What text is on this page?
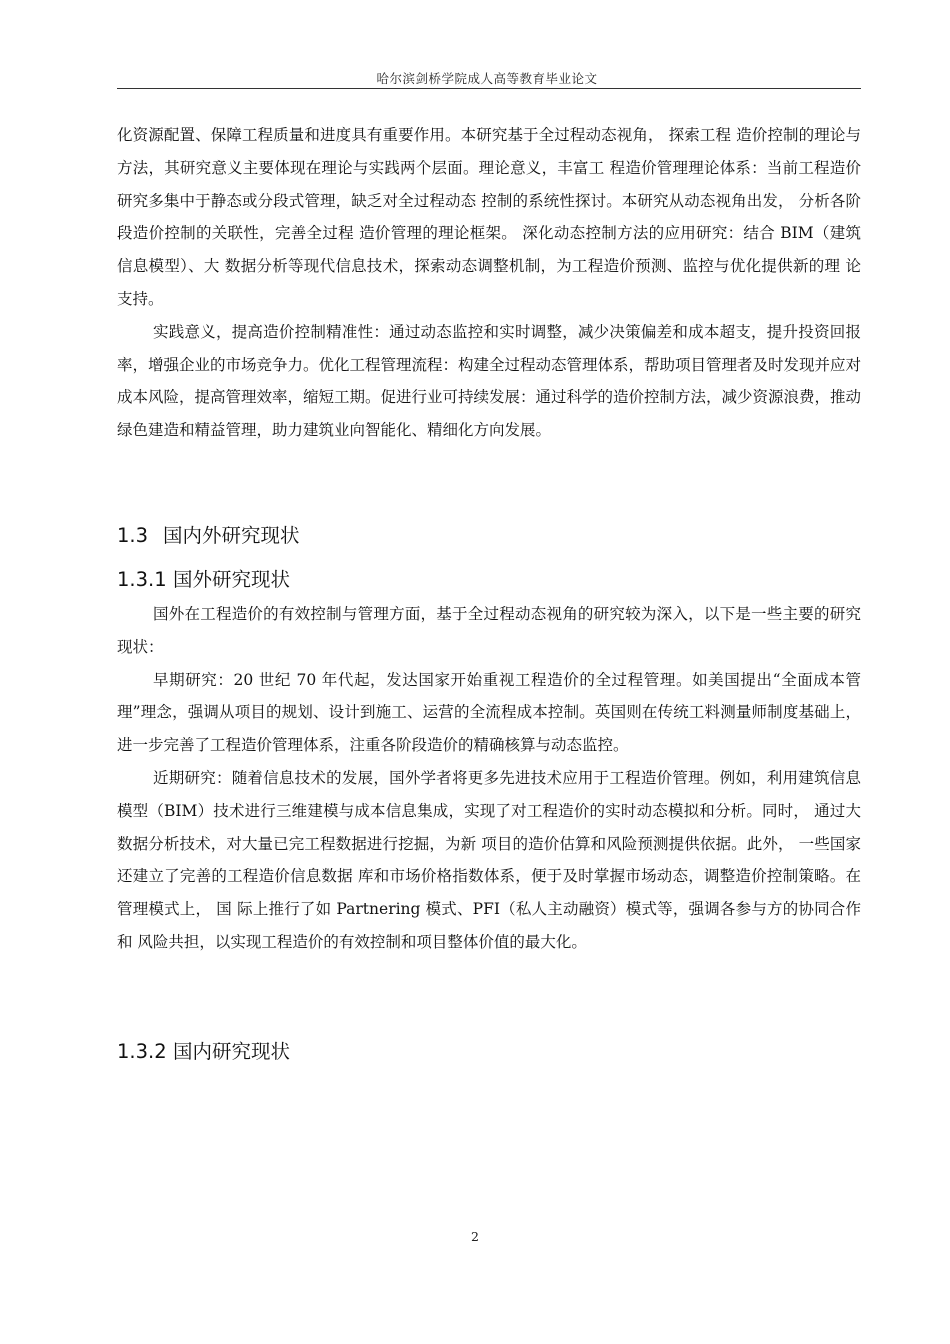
哈尔滨剑桥学院成人高等教育毕业论文

化资源配置、保障工程质量和进度具有重要作用。本研究基于全过程动态视角， 探索工程 造价控制的理论与方法，其研究意义主要体现在理论与实践两个层面。理论意义，丰富工 程造价管理理论体系：当前工程造价研究多集中于静态或分段式管理，缺乏对全过程动态 控制的系统性探讨。本研究从动态视角出发， 分析各阶段造价控制的关联性，完善全过程 造价管理的理论框架。 深化动态控制方法的应用研究：结合 BIM（建筑信息模型）、大 数据分析等现代信息技术，探索动态调整机制，为工程造价预测、监控与优化提供新的理 论支持。

实践意义，提高造价控制精准性：通过动态监控和实时调整，减少决策偏差和成本超支，提升投资回报率，增强企业的市场竞争力。优化工程管理流程：构建全过程动态管理体系，帮助项目管理者及时发现并应对成本风险，提高管理效率，缩短工期。促进行业可持续发展：通过科学的造价控制方法，减少资源浪费，推动绿色建造和精益管理，助力建筑业向智能化、精细化方向发展。

1.3 国内外研究现状
1.3.1 国外研究现状

国外在工程造价的有效控制与管理方面，基于全过程动态视角的研究较为深入，以下是一些主要的研究现状：

早期研究：20 世纪 70 年代起，发达国家开始重视工程造价的全过程管理。如美国提出“全面成本管理”理念，强调从项目的规划、设计到施工、运营的全流程成本控制。英国则在传统工料测量师制度基础上，进一步完善了工程造价管理体系，注重各阶段造价的精确核算与动态监控。

近期研究：随着信息技术的发展，国外学者将更多先进技术应用于工程造价管理。例如，利用建筑信息模型（BIM）技术进行三维建模与成本信息集成，实现了对工程造价的实时动态模拟和分析。同时， 通过大数据分析技术，对大量已完工程数据进行挖掘，为新 项目的造价估算和风险预测提供依据。此外， 一些国家还建立了完善的工程造价信息数据 库和市场价格指数体系，便于及时掌握市场动态，调整造价控制策略。在管理模式上， 国 际上推行了如 Partnering 模式、PFI（私人主动融资）模式等，强调各参与方的协同合作和 风险共担，以实现工程造价的有效控制和项目整体价值的最大化。

1.3.2 国内研究现状
2
